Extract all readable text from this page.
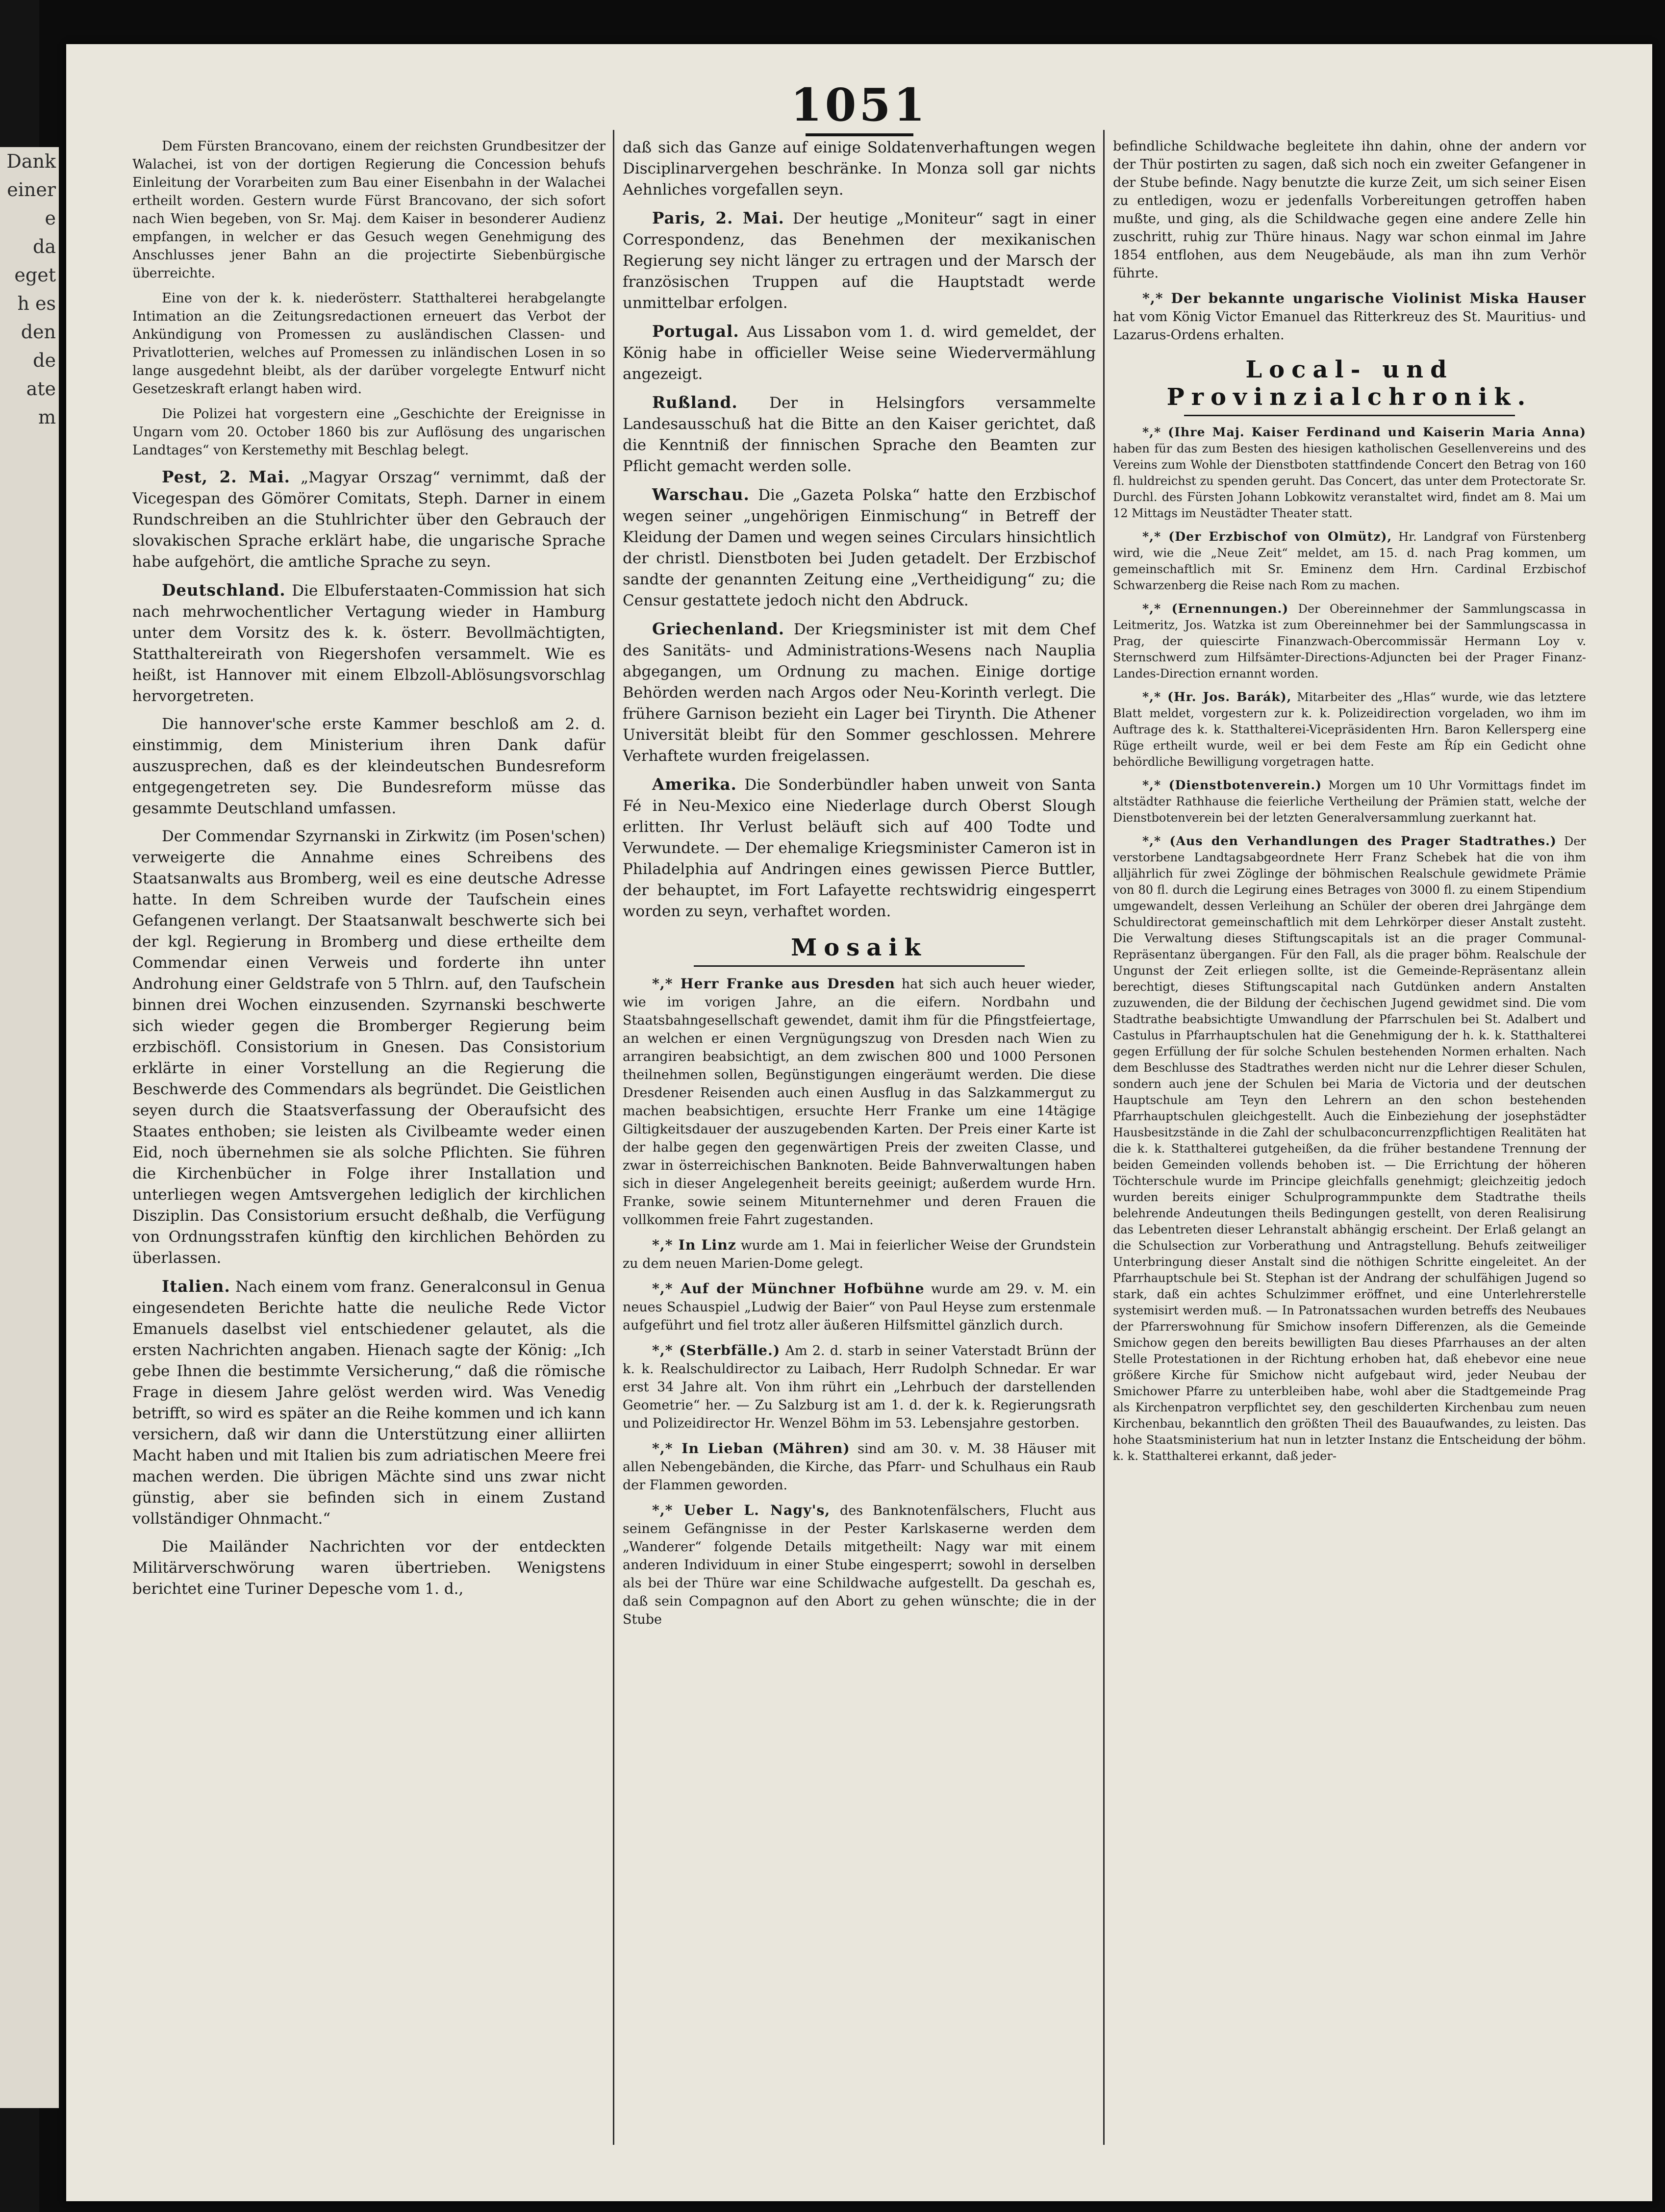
Dank
einer
e
da
eget
h es
den
de
ate
m
1051

Dem Fürsten Brancovano, einem der reichsten Grundbesitzer der Walachei, ist von der dortigen Regierung die Concession behufs Einleitung der Vorarbeiten zum Bau einer Eisenbahn in der Walachei ertheilt worden. Gestern wurde Fürst Brancovano, der sich sofort nach Wien begeben, von Sr. Maj. dem Kaiser in besonderer Audienz empfangen, in welcher er das Gesuch wegen Genehmigung des Anschlusses jener Bahn an die projectirte Siebenbürgische überreichte.

Eine von der k. k. niederösterr. Statthalterei herabgelangte Intimation an die Zeitungsredactionen erneuert das Verbot der Ankündigung von Promessen zu ausländischen Classen- und Privatlotterien, welches auf Promessen zu inländischen Losen in so lange ausgedehnt bleibt, als der darüber vorgelegte Entwurf nicht Gesetzeskraft erlangt haben wird.

Die Polizei hat vorgestern eine „Geschichte der Ereignisse in Ungarn vom 20. October 1860 bis zur Auflösung des ungarischen Landtages“ von Kerstemethy mit Beschlag belegt.

Pest, 2. Mai. „Magyar Orszag“ vernimmt, daß der Vicegespan des Gömörer Comitats, Steph. Darner in einem Rundschreiben an die Stuhlrichter über den Gebrauch der slovakischen Sprache erklärt habe, die ungarische Sprache habe aufgehört, die amtliche Sprache zu seyn.

Deutschland. Die Elbuferstaaten-Commission hat sich nach mehrwochentlicher Vertagung wieder in Hamburg unter dem Vorsitz des k. k. österr. Bevollmächtigten, Statthaltereirath von Riegershofen versammelt. Wie es heißt, ist Hannover mit einem Elbzoll-Ablösungsvorschlag hervorgetreten.

Die hannover'sche erste Kammer beschloß am 2. d. einstimmig, dem Ministerium ihren Dank dafür auszusprechen, daß es der kleindeutschen Bundesreform entgegengetreten sey. Die Bundesreform müsse das gesammte Deutschland umfassen.

Der Commendar Szyrnanski in Zirkwitz (im Posen'schen) verweigerte die Annahme eines Schreibens des Staatsanwalts aus Bromberg, weil es eine deutsche Adresse hatte. In dem Schreiben wurde der Taufschein eines Gefangenen verlangt. Der Staatsanwalt beschwerte sich bei der kgl. Regierung in Bromberg und diese ertheilte dem Commendar einen Verweis und forderte ihn unter Androhung einer Geldstrafe von 5 Thlrn. auf, den Taufschein binnen drei Wochen einzusenden. Szyrnanski beschwerte sich wieder gegen die Bromberger Regierung beim erzbischöfl. Consistorium in Gnesen. Das Consistorium erklärte in einer Vorstellung an die Regierung die Beschwerde des Commendars als begründet. Die Geistlichen seyen durch die Staatsverfassung der Oberaufsicht des Staates enthoben; sie leisten als Civilbeamte weder einen Eid, noch übernehmen sie als solche Pflichten. Sie führen die Kirchenbücher in Folge ihrer Installation und unterliegen wegen Amtsvergehen lediglich der kirchlichen Disziplin. Das Consistorium ersucht deßhalb, die Verfügung von Ordnungsstrafen künftig den kirchlichen Behörden zu überlassen.

Italien. Nach einem vom franz. Generalconsul in Genua eingesendeten Berichte hatte die neuliche Rede Victor Emanuels daselbst viel entschiedener gelautet, als die ersten Nachrichten angaben. Hienach sagte der König: „Ich gebe Ihnen die bestimmte Versicherung,“ daß die römische Frage in diesem Jahre gelöst werden wird. Was Venedig betrifft, so wird es später an die Reihe kommen und ich kann versichern, daß wir dann die Unterstützung einer alliirten Macht haben und mit Italien bis zum adriatischen Meere frei machen werden. Die übrigen Mächte sind uns zwar nicht günstig, aber sie befinden sich in einem Zustand vollständiger Ohnmacht.“

Die Mailänder Nachrichten vor der entdeckten Militärverschwörung waren übertrieben. Wenigstens berichtet eine Turiner Depesche vom 1. d.,

daß sich das Ganze auf einige Soldatenverhaftungen wegen Disciplinarvergehen beschränke. In Monza soll gar nichts Aehnliches vorgefallen seyn.

Paris, 2. Mai. Der heutige „Moniteur“ sagt in einer Correspondenz, das Benehmen der mexikanischen Regierung sey nicht länger zu ertragen und der Marsch der französischen Truppen auf die Hauptstadt werde unmittelbar erfolgen.

Portugal. Aus Lissabon vom 1. d. wird gemeldet, der König habe in officieller Weise seine Wiedervermählung angezeigt.

Rußland. Der in Helsingfors versammelte Landesausschuß hat die Bitte an den Kaiser gerichtet, daß die Kenntniß der finnischen Sprache den Beamten zur Pflicht gemacht werden solle.

Warschau. Die „Gazeta Polska“ hatte den Erzbischof wegen seiner „ungehörigen Einmischung“ in Betreff der Kleidung der Damen und wegen seines Circulars hinsichtlich der christl. Dienstboten bei Juden getadelt. Der Erzbischof sandte der genannten Zeitung eine „Vertheidigung“ zu; die Censur gestattete jedoch nicht den Abdruck.

Griechenland. Der Kriegsminister ist mit dem Chef des Sanitäts- und Administrations-Wesens nach Nauplia abgegangen, um Ordnung zu machen. Einige dortige Behörden werden nach Argos oder Neu-Korinth verlegt. Die frühere Garnison bezieht ein Lager bei Tirynth. Die Athener Universität bleibt für den Sommer geschlossen. Mehrere Verhaftete wurden freigelassen.

Amerika. Die Sonderbündler haben unweit von Santa Fé in Neu-Mexico eine Niederlage durch Oberst Slough erlitten. Ihr Verlust beläuft sich auf 400 Todte und Verwundete. — Der ehemalige Kriegsminister Cameron ist in Philadelphia auf Andringen eines gewissen Pierce Buttler, der behauptet, im Fort Lafayette rechtswidrig eingesperrt worden zu seyn, verhaftet worden.

Mosaik

*,* Herr Franke aus Dresden hat sich auch heuer wieder, wie im vorigen Jahre, an die eifern. Nordbahn und Staatsbahngesellschaft gewendet, damit ihm für die Pfingstfeiertage, an welchen er einen Vergnügungszug von Dresden nach Wien zu arrangiren beabsichtigt, an dem zwischen 800 und 1000 Personen theilnehmen sollen, Begünstigungen eingeräumt werden. Die diese Dresdener Reisenden auch einen Ausflug in das Salzkammergut zu machen beabsichtigen, ersuchte Herr Franke um eine 14tägige Giltigkeitsdauer der auszugebenden Karten. Der Preis einer Karte ist der halbe gegen den gegenwärtigen Preis der zweiten Classe, und zwar in österreichischen Banknoten. Beide Bahnverwaltungen haben sich in dieser Angelegenheit bereits geeinigt; außerdem wurde Hrn. Franke, sowie seinem Mitunternehmer und deren Frauen die vollkommen freie Fahrt zugestanden.

*,* In Linz wurde am 1. Mai in feierlicher Weise der Grundstein zu dem neuen Marien-Dome gelegt.

*,* Auf der Münchner Hofbühne wurde am 29. v. M. ein neues Schauspiel „Ludwig der Baier“ von Paul Heyse zum erstenmale aufgeführt und fiel trotz aller äußeren Hilfsmittel gänzlich durch.

*,* (Sterbfälle.) Am 2. d. starb in seiner Vaterstadt Brünn der k. k. Realschuldirector zu Laibach, Herr Rudolph Schnedar. Er war erst 34 Jahre alt. Von ihm rührt ein „Lehrbuch der darstellenden Geometrie“ her. — Zu Salzburg ist am 1. d. der k. k. Regierungsrath und Polizeidirector Hr. Wenzel Böhm im 53. Lebensjahre gestorben.

*,* In Lieban (Mähren) sind am 30. v. M. 38 Häuser mit allen Nebengebänden, die Kirche, das Pfarr- und Schulhaus ein Raub der Flammen geworden.

*,* Ueber L. Nagy's, des Banknotenfälschers, Flucht aus seinem Gefängnisse in der Pester Karlskaserne werden dem „Wanderer“ folgende Details mitgetheilt: Nagy war mit einem anderen Individuum in einer Stube eingesperrt; sowohl in derselben als bei der Thüre war eine Schildwache aufgestellt. Da geschah es, daß sein Compagnon auf den Abort zu gehen wünschte; die in der Stube

befindliche Schildwache begleitete ihn dahin, ohne der andern vor der Thür postirten zu sagen, daß sich noch ein zweiter Gefangener in der Stube befinde. Nagy benutzte die kurze Zeit, um sich seiner Eisen zu entledigen, wozu er jedenfalls Vorbereitungen getroffen haben mußte, und ging, als die Schildwache gegen eine andere Zelle hin zuschritt, ruhig zur Thüre hinaus. Nagy war schon einmal im Jahre 1854 entflohen, aus dem Neugebäude, als man ihn zum Verhör führte.

*,* Der bekannte ungarische Violinist Miska Hauser hat vom König Victor Emanuel das Ritterkreuz des St. Mauritius- und Lazarus-Ordens erhalten.

Local- und Provinzialchronik.

*,* (Ihre Maj. Kaiser Ferdinand und Kaiserin Maria Anna) haben für das zum Besten des hiesigen katholischen Gesellenvereins und des Vereins zum Wohle der Dienstboten stattfindende Concert den Betrag von 160 fl. huldreichst zu spenden geruht. Das Concert, das unter dem Protectorate Sr. Durchl. des Fürsten Johann Lobkowitz veranstaltet wird, findet am 8. Mai um 12 Mittags im Neustädter Theater statt.

*,* (Der Erzbischof von Olmütz), Hr. Landgraf von Fürstenberg wird, wie die „Neue Zeit“ meldet, am 15. d. nach Prag kommen, um gemeinschaftlich mit Sr. Eminenz dem Hrn. Cardinal Erzbischof Schwarzenberg die Reise nach Rom zu machen.

*,* (Ernennungen.) Der Obereinnehmer der Sammlungscassa in Leitmeritz, Jos. Watzka ist zum Obereinnehmer bei der Sammlungscassa in Prag, der quiescirte Finanzwach-Obercommissär Hermann Loy v. Sternschwerd zum Hilfsämter-Directions-Adjuncten bei der Prager Finanz-Landes-Direction ernannt worden.

*,* (Hr. Jos. Barák), Mitarbeiter des „Hlas“ wurde, wie das letztere Blatt meldet, vorgestern zur k. k. Polizeidirection vorgeladen, wo ihm im Auftrage des k. k. Statthalterei-Vicepräsidenten Hrn. Baron Kellersperg eine Rüge ertheilt wurde, weil er bei dem Feste am Říp ein Gedicht ohne behördliche Bewilligung vorgetragen hatte.

*,* (Dienstbotenverein.) Morgen um 10 Uhr Vormittags findet im altstädter Rathhause die feierliche Vertheilung der Prämien statt, welche der Dienstbotenverein bei der letzten Generalversammlung zuerkannt hat.

*,* (Aus den Verhandlungen des Prager Stadtrathes.) Der verstorbene Landtagsabgeordnete Herr Franz Schebek hat die von ihm alljährlich für zwei Zöglinge der böhmischen Realschule gewidmete Prämie von 80 fl. durch die Legirung eines Betrages von 3000 fl. zu einem Stipendium umgewandelt, dessen Verleihung an Schüler der oberen drei Jahrgänge dem Schuldirectorat gemeinschaftlich mit dem Lehrkörper dieser Anstalt zusteht. Die Verwaltung dieses Stiftungscapitals ist an die prager Communal-Repräsentanz übergangen. Für den Fall, als die prager böhm. Realschule der Ungunst der Zeit erliegen sollte, ist die Gemeinde-Repräsentanz allein berechtigt, dieses Stiftungscapital nach Gutdünken andern Anstalten zuzuwenden, die der Bildung der čechischen Jugend gewidmet sind. Die vom Stadtrathe beabsichtigte Umwandlung der Pfarrschulen bei St. Adalbert und Castulus in Pfarrhauptschulen hat die Genehmigung der h. k. k. Statthalterei gegen Erfüllung der für solche Schulen bestehenden Normen erhalten. Nach dem Beschlusse des Stadtrathes werden nicht nur die Lehrer dieser Schulen, sondern auch jene der Schulen bei Maria de Victoria und der deutschen Hauptschule am Teyn den Lehrern an den schon bestehenden Pfarrhauptschulen gleichgestellt. Auch die Einbeziehung der josephstädter Hausbesitzstände in die Zahl der schulbaconcurrenzpflichtigen Realitäten hat die k. k. Statthalterei gutgeheißen, da die früher bestandene Trennung der beiden Gemeinden vollends behoben ist. — Die Errichtung der höheren Töchterschule wurde im Principe gleichfalls genehmigt; gleichzeitig jedoch wurden bereits einiger Schulprogrammpunkte dem Stadtrathe theils belehrende Andeutungen theils Bedingungen gestellt, von deren Realisirung das Lebentreten dieser Lehranstalt abhängig erscheint. Der Erlaß gelangt an die Schulsection zur Vorberathung und Antragstellung. Behufs zeitweiliger Unterbringung dieser Anstalt sind die nöthigen Schritte eingeleitet. An der Pfarrhauptschule bei St. Stephan ist der Andrang der schulfähigen Jugend so stark, daß ein achtes Schulzimmer eröffnet, und eine Unterlehrerstelle systemisirt werden muß. — In Patronatssachen wurden betreffs des Neubaues der Pfarrerswohnung für Smichow insofern Differenzen, als die Gemeinde Smichow gegen den bereits bewilligten Bau dieses Pfarrhauses an der alten Stelle Protestationen in der Richtung erhoben hat, daß ehebevor eine neue größere Kirche für Smichow nicht aufgebaut wird, jeder Neubau der Smichower Pfarre zu unterbleiben habe, wohl aber die Stadtgemeinde Prag als Kirchenpatron verpflichtet sey, den geschilderten Kirchenbau zum neuen Kirchenbau, bekanntlich den größten Theil des Bauaufwandes, zu leisten. Das hohe Staatsministerium hat nun in letzter Instanz die Entscheidung der böhm. k. k. Statthalterei erkannt, daß jeder-
